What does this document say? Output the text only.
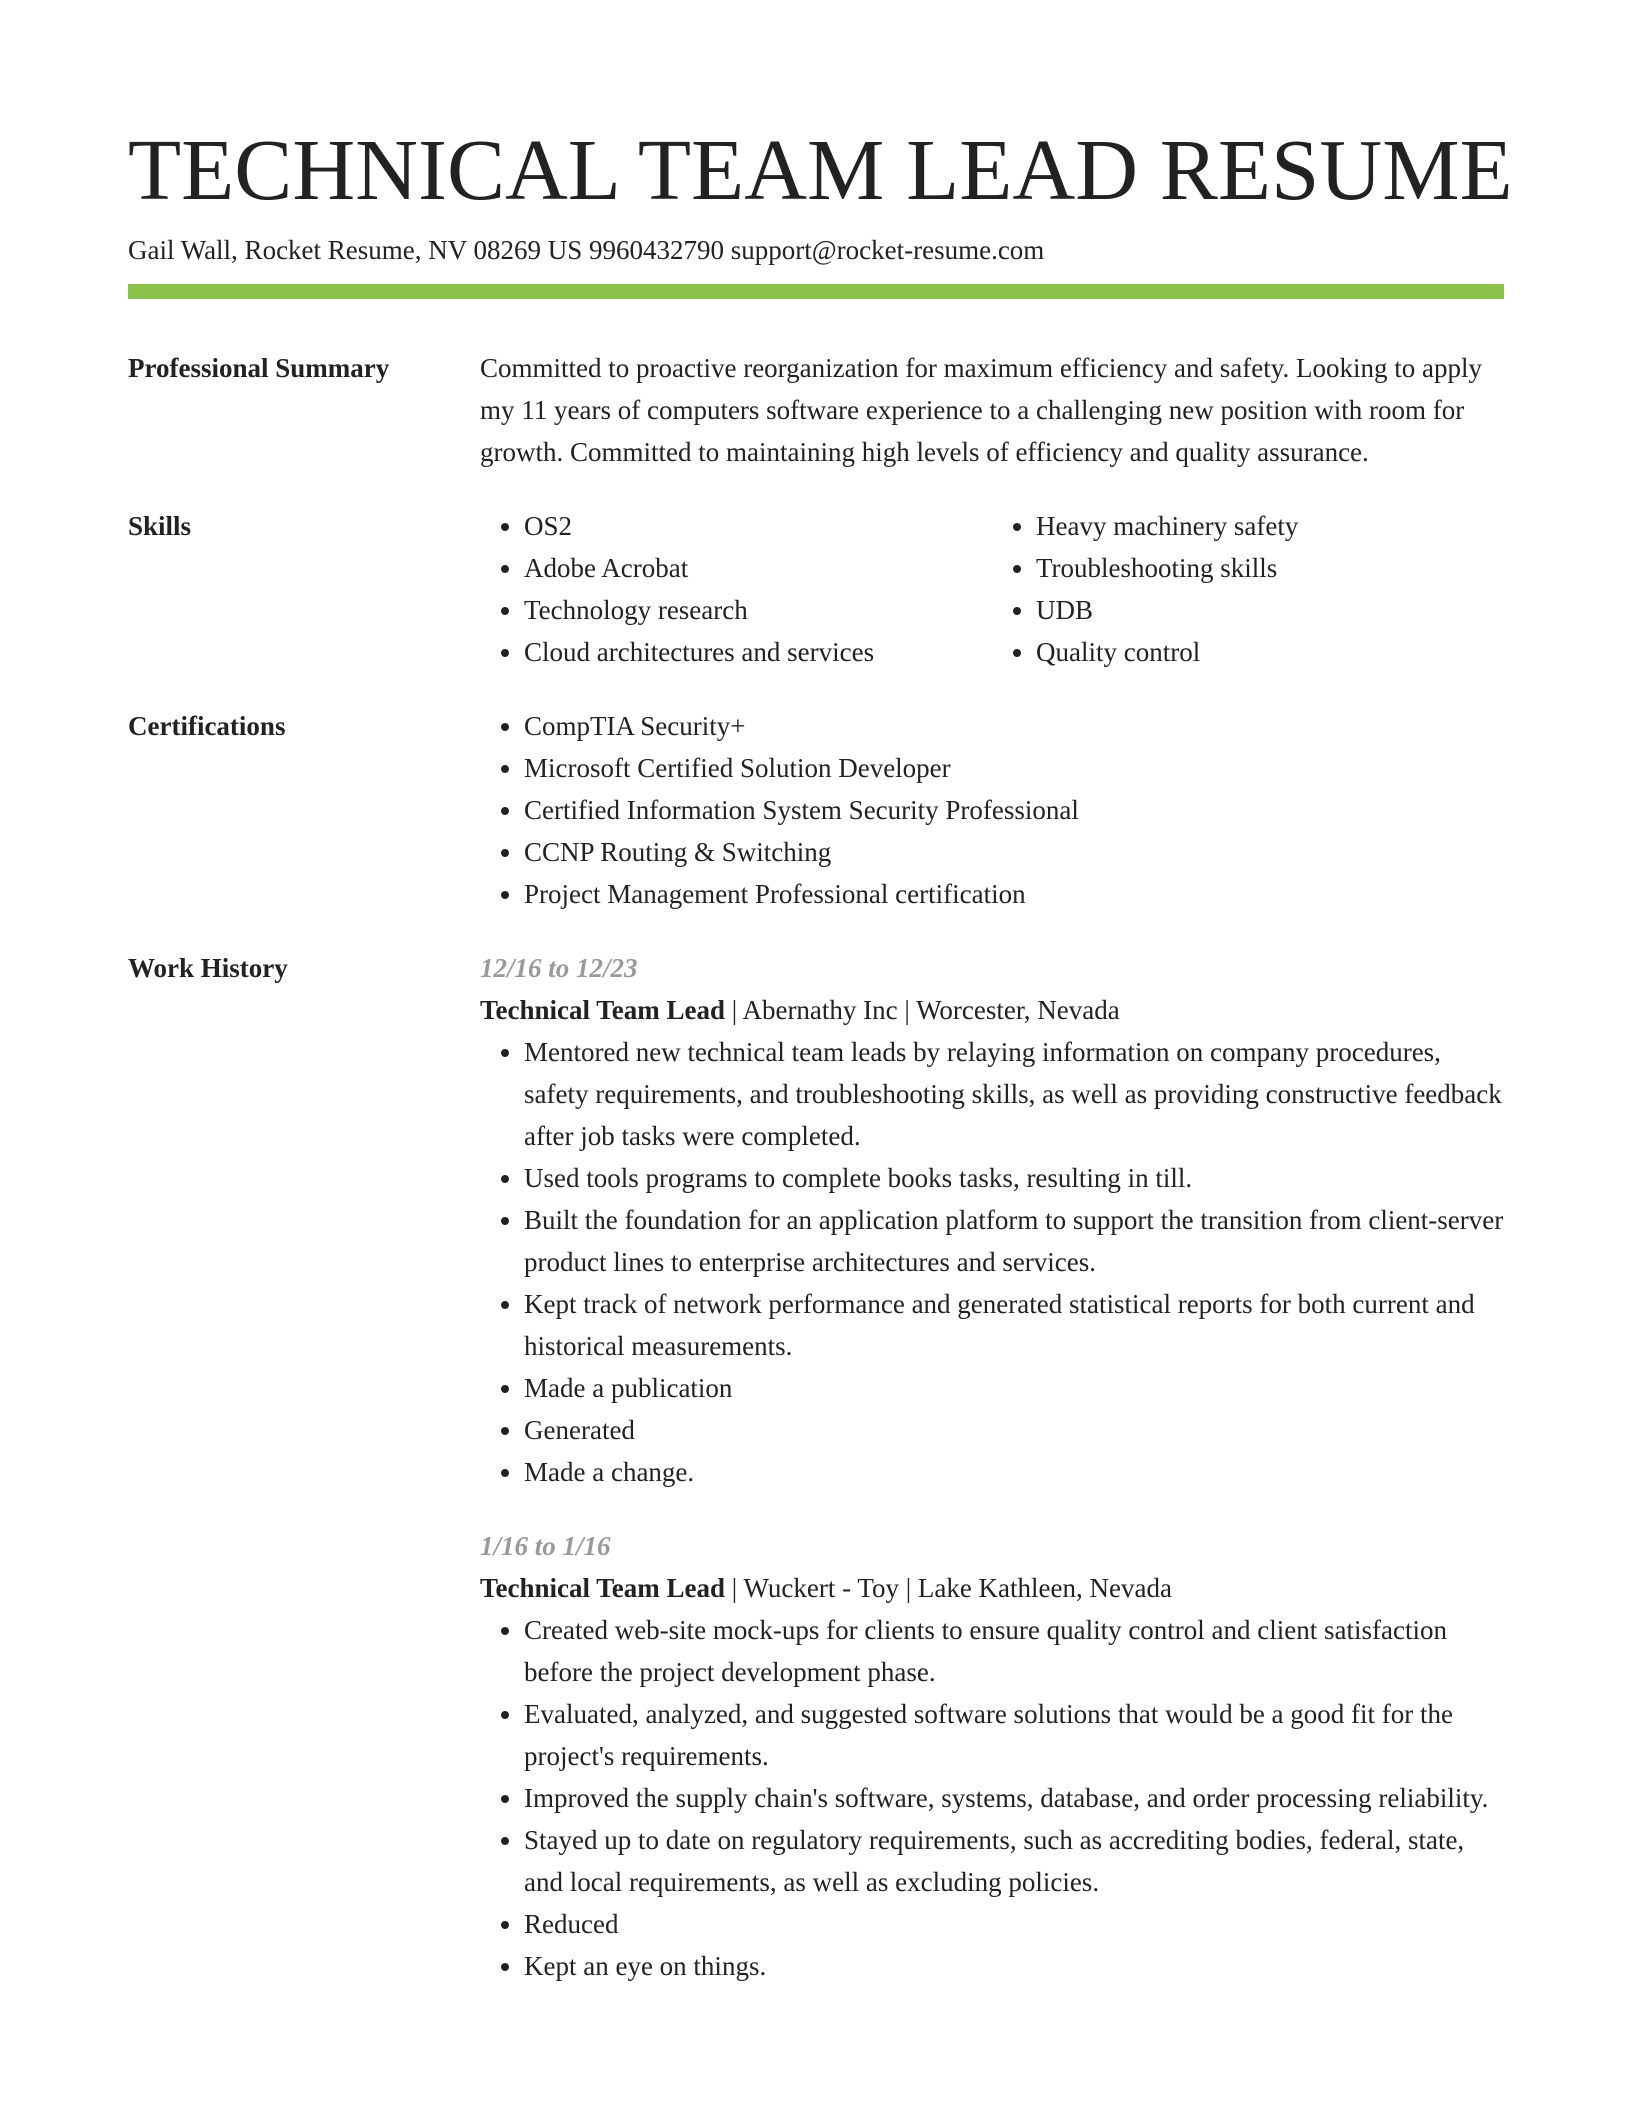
TECHNICAL TEAM LEAD RESUME
Gail Wall, Rocket Resume, NV 08269 US 9960432790 support@rocket-resume.com
Professional Summary	Committed to proactive reorganization for maximum efficiency and safety. Looking to apply my 11 years of computers software experience to a challenging new position with room for growth. Committed to maintaining high levels of efficiency and quality assurance.
Skills	• OS2
• Adobe Acrobat
• Technology research
• Cloud architectures and services
• Heavy machinery safety
• Troubleshooting skills
• UDB
• Quality control
Certifications	• CompTIA Security+
• Microsoft Certified Solution Developer
• Certified Information System Security Professional
• CCNP Routing & Switching
• Project Management Professional certification
Work History	12/16 to 12/23
Technical Team Lead | Abernathy Inc | Worcester, Nevada
• Mentored new technical team leads by relaying information on company procedures, safety requirements, and troubleshooting skills, as well as providing constructive feedback after job tasks were completed.
• Used tools programs to complete books tasks, resulting in till.
• Built the foundation for an application platform to support the transition from client-server product lines to enterprise architectures and services.
• Kept track of network performance and generated statistical reports for both current and historical measurements.
• Made a publication
• Generated
• Made a change.
1/16 to 1/16
Technical Team Lead | Wuckert - Toy | Lake Kathleen, Nevada
• Created web-site mock-ups for clients to ensure quality control and client satisfaction before the project development phase.
• Evaluated, analyzed, and suggested software solutions that would be a good fit for the project's requirements.
• Improved the supply chain's software, systems, database, and order processing reliability.
• Stayed up to date on regulatory requirements, such as accrediting bodies, federal, state, and local requirements, as well as excluding policies.
• Reduced
• Kept an eye on things.
